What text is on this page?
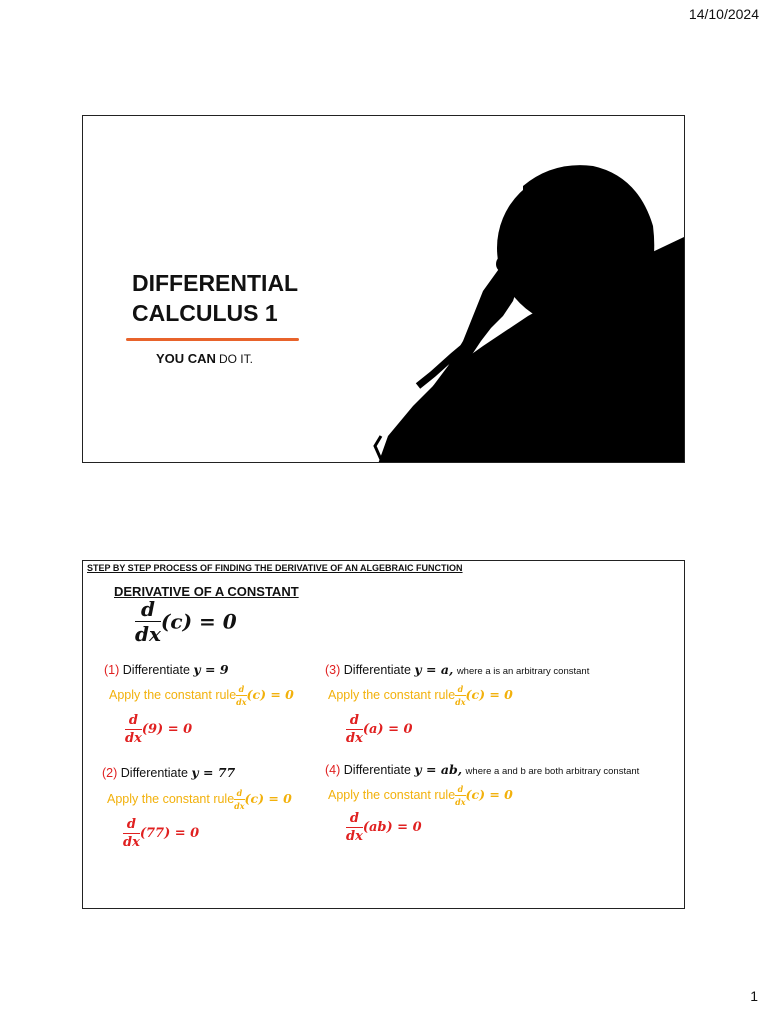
14/10/2024
DIFFERENTIAL
CALCULUS 1
YOU CAN DO IT.
STEP BY STEP PROCESS OF FINDING THE DERIVATIVE OF AN ALGEBRAIC FUNCTION
DERIVATIVE OF A CONSTANT
$\frac{d}{dx} (c) = 0$
(1) Differentiate y = 9
Apply the constant rule $\frac{d}{dx} (c) = 0$
$\frac{d}{dx} (9) = 0$
(2) Differentiate y = 77
Apply the constant rule $\frac{d}{dx} (c) = 0$
$\frac{d}{dx} (77) = 0$
(3) Differentiate y = a, where a is an arbitrary constant
Apply the constant rule $\frac{d}{dx} (c) = 0$
$\frac{d}{dx} (a) = 0$
(4) Differentiate y = ab, where a and b are both arbitrary constant
Apply the constant rule $\frac{d}{dx} (c) = 0$
$\frac{d}{dx} (ab) = 0$
1
